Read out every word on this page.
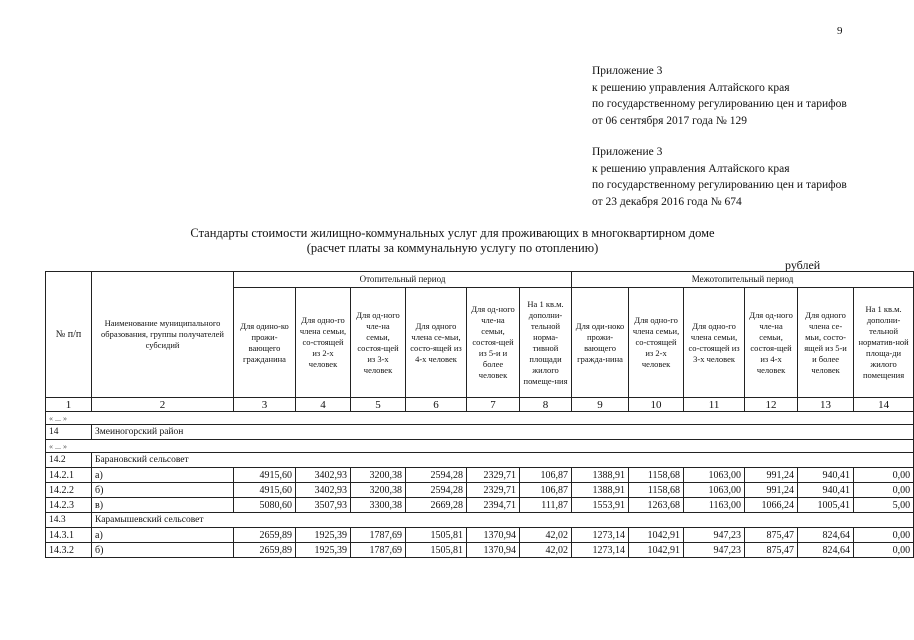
9
Приложение 3
к решению управления Алтайского края
по государственному регулированию цен и тарифов
от 06 сентября 2017 года № 129
Приложение 3
к решению управления Алтайского края
по государственному регулированию цен и тарифов
от 23 декабря 2016 года № 674
Стандарты стоимости жилищно-коммунальных услуг для проживающих в многоквартирном доме
(расчет платы за коммунальную услугу по отоплению)
рублей
№ п/п	Наименование муниципального образования, группы получателей субсидий	Отопительный период						Межотопительный период					
		Для одино-ко прожи-вающего гражданина	Для одно-го члена семьи, со-стоящей из 2-х человек	Для од-ного чле-на семьи, состоя-щей из 3-х человек	Для одного члена се-мьи, состо-ящей из 4-х человек	Для од-ного чле-на семьи, состоя-щей из 5-и и более человек	На 1 кв.м. дополни-тельной норма-тивной площади жилого помеще-ния	Для оди-ноко прожи-вающего гражда-нина	Для одно-го члена семьи, со-стоящей из 2-х человек	Для одно-го члена семьи, со-стоящей из 3-х человек	Для од-ного чле-на семьи, состоя-щей из 4-х человек	Для одного члена се-мьи, состо-ящей из 5-и и более человек	На 1 кв.м. дополни-тельной норматив-ной площа-ди жилого помещения
1	2	3	4	5	6	7	8	9	10	11	12	13	14
« ... »													
14	Змеиногорский район												
« ... »													
14.2	Барановский сельсовет												
14.2.1	а)	4915,60	3402,93	3200,38	2594,28	2329,71	106,87	1388,91	1158,68	1063,00	991,24	940,41	0,00
14.2.2	б)	4915,60	3402,93	3200,38	2594,28	2329,71	106,87	1388,91	1158,68	1063,00	991,24	940,41	0,00
14.2.3	в)	5080,60	3507,93	3300,38	2669,28	2394,71	111,87	1553,91	1263,68	1163,00	1066,24	1005,41	5,00
14.3	Карамышевский сельсовет												
14.3.1	а)	2659,89	1925,39	1787,69	1505,81	1370,94	42,02	1273,14	1042,91	947,23	875,47	824,64	0,00
14.3.2	б)	2659,89	1925,39	1787,69	1505,81	1370,94	42,02	1273,14	1042,91	947,23	875,47	824,64	0,00
